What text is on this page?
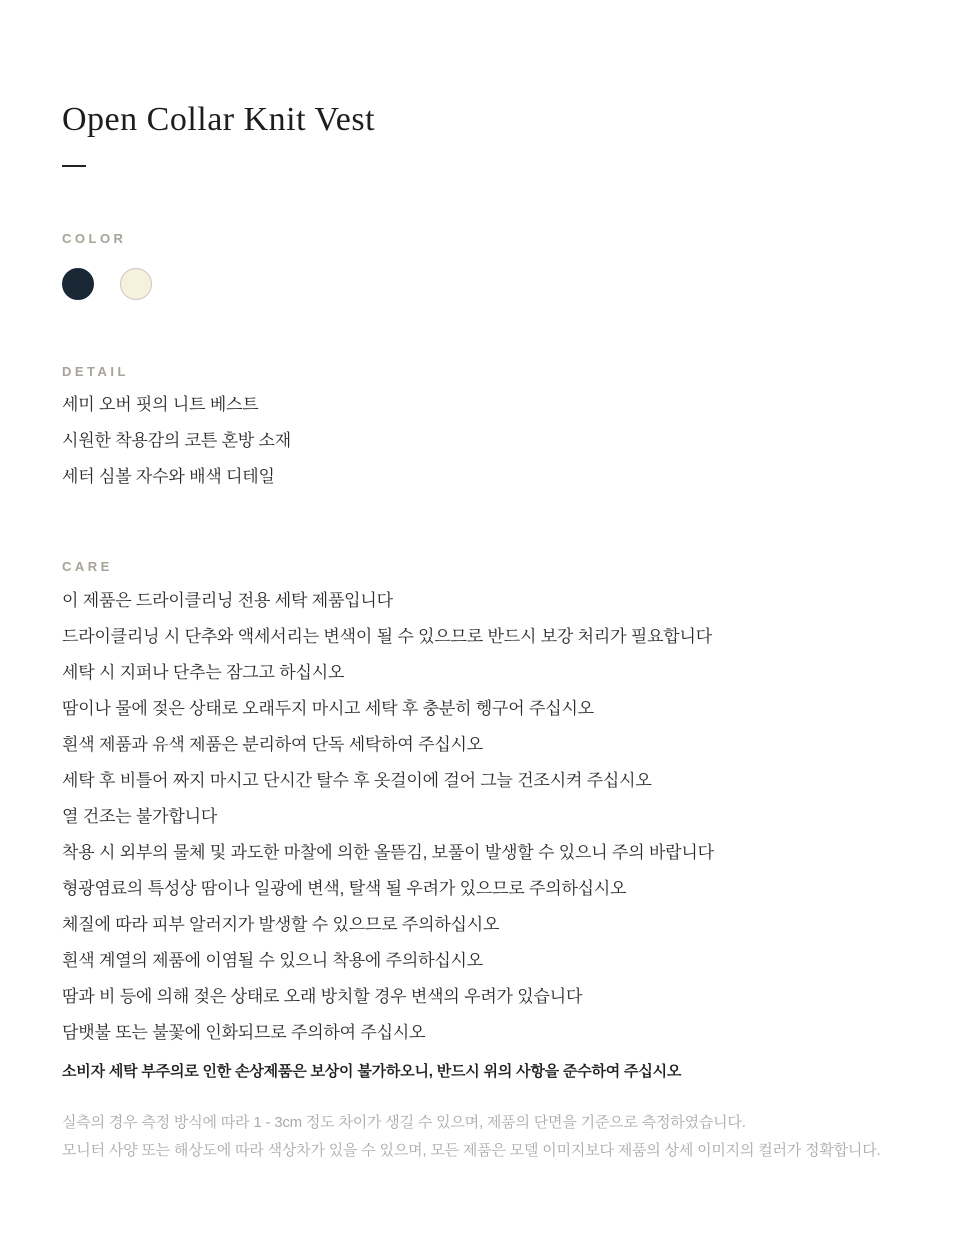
Open Collar Knit Vest
COLOR
DETAIL

세미 오버 핏의 니트 베스트

시원한 착용감의 코튼 혼방 소재

세터 심볼 자수와 배색 디테일

CARE

이 제품은 드라이클리닝 전용 세탁 제품입니다

드라이클리닝 시 단추와 액세서리는 변색이 될 수 있으므로 반드시 보강 처리가 필요합니다

세탁 시 지퍼나 단추는 잠그고 하십시오

땀이나 물에 젖은 상태로 오래두지 마시고 세탁 후 충분히 헹구어 주십시오

흰색 제품과 유색 제품은 분리하여 단독 세탁하여 주십시오

세탁 후 비틀어 짜지 마시고 단시간 탈수 후 옷걸이에 걸어 그늘 건조시켜 주십시오

열 건조는 불가합니다

착용 시 외부의 물체 및 과도한 마찰에 의한 올뜯김, 보풀이 발생할 수 있으니 주의 바랍니다

형광염료의 특성상 땀이나 일광에 변색, 탈색 될 우려가 있으므로 주의하십시오

체질에 따라 피부 알러지가 발생할 수 있으므로 주의하십시오

흰색 계열의 제품에 이염될 수 있으니 착용에 주의하십시오

땀과 비 등에 의해 젖은 상태로 오래 방치할 경우 변색의 우려가 있습니다

담뱃불 또는 불꽃에 인화되므로 주의하여 주십시오

소비자 세탁 부주의로 인한 손상제품은 보상이 불가하오니, 반드시 위의 사항을 준수하여 주십시오

실측의 경우 측정 방식에 따라 1 - 3cm 정도 차이가 생길 수 있으며, 제품의 단면을 기준으로 측정하였습니다.

모니터 사양 또는 해상도에 따라 색상차가 있을 수 있으며, 모든 제품은 모델 이미지보다 제품의 상세 이미지의 컬러가 정확합니다.
